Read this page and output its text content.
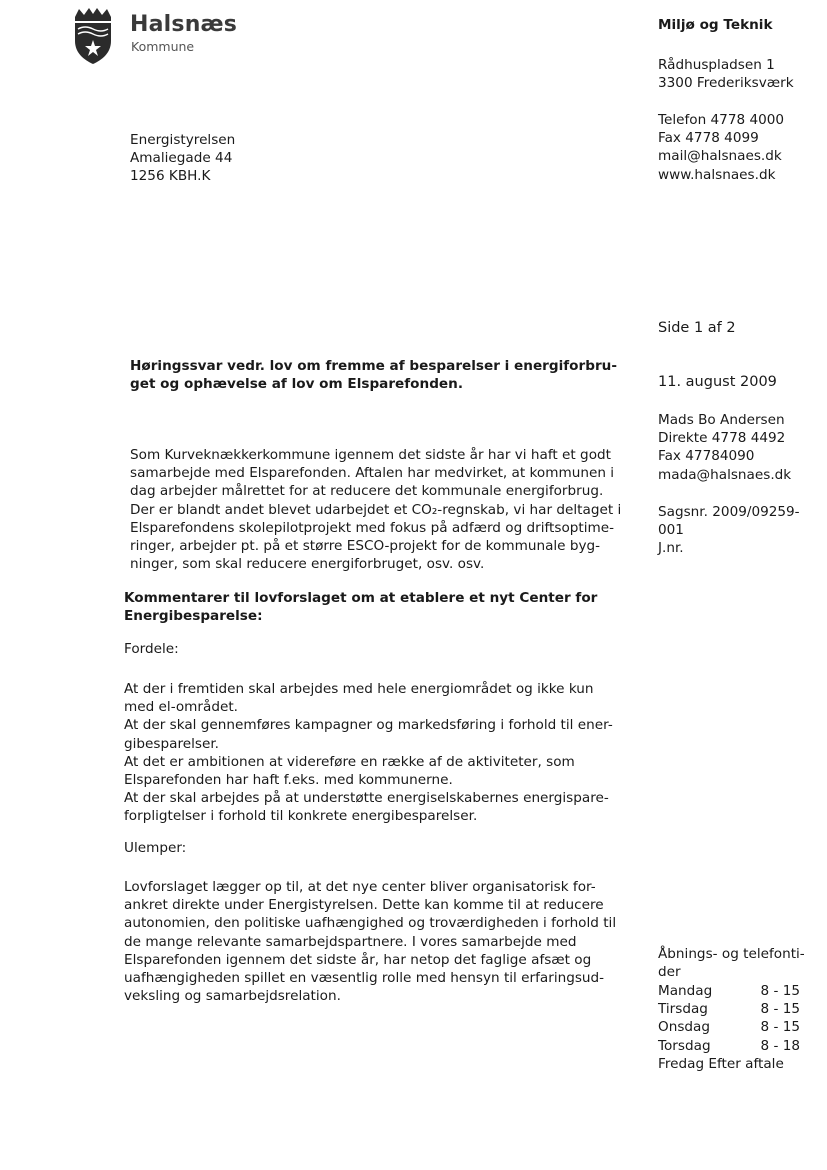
Halsnæs
Kommune
Energistyrelsen
Amaliegade 44
1256 KBH.K
Miljø og Teknik
Rådhuspladsen 1
3300 Frederiksværk
Telefon 4778 4000
Fax 4778 4099
mail@halsnaes.dk
www.halsnaes.dk
Side 1 af 2
11. august 2009
Mads Bo Andersen
Direkte 4778 4492
Fax 47784090
mada@halsnaes.dk
Sagsnr. 2009/09259-
001
J.nr.
Åbnings- og telefonti-der
Mandag	8 - 15
Tirsdag	8 - 15
Onsdag	8 - 15
Torsdag	8 - 18
Fredag Efter aftale
Høringssvar vedr. lov om fremme af besparelser i energiforbru-
get og ophævelse af lov om Elsparefonden.
Som Kurveknækkerkommune igennem det sidste år har vi haft et godt
samarbejde med Elsparefonden. Aftalen har medvirket, at kommunen i
dag arbejder målrettet for at reducere det kommunale energiforbrug.
Der er blandt andet blevet udarbejdet et CO₂-regnskab, vi har deltaget i
Elsparefondens skolepilotprojekt med fokus på adfærd og driftsoptime-
ringer, arbejder pt. på et større ESCO-projekt for de kommunale byg-
ninger, som skal reducere energiforbruget, osv. osv.
Kommentarer til lovforslaget om at etablere et nyt Center for
Energibesparelse:
Fordele:
At der i fremtiden skal arbejdes med hele energiområdet og ikke kun
med el-området.
At der skal gennemføres kampagner og markedsføring i forhold til ener-
gibesparelser.
At det er ambitionen at videreføre en række af de aktiviteter, som
Elsparefonden har haft f.eks. med kommunerne.
At der skal arbejdes på at understøtte energiselskabernes energispare-
forpligtelser i forhold til konkrete energibesparelser.
Ulemper:
Lovforslaget lægger op til, at det nye center bliver organisatorisk for-
ankret direkte under Energistyrelsen. Dette kan komme til at reducere
autonomien, den politiske uafhængighed og troværdigheden i forhold til
de mange relevante samarbejdspartnere. I vores samarbejde med
Elsparefonden igennem det sidste år, har netop det faglige afsæt og
uafhængigheden spillet en væsentlig rolle med hensyn til erfaringsud-
veksling og samarbejdsrelation.
